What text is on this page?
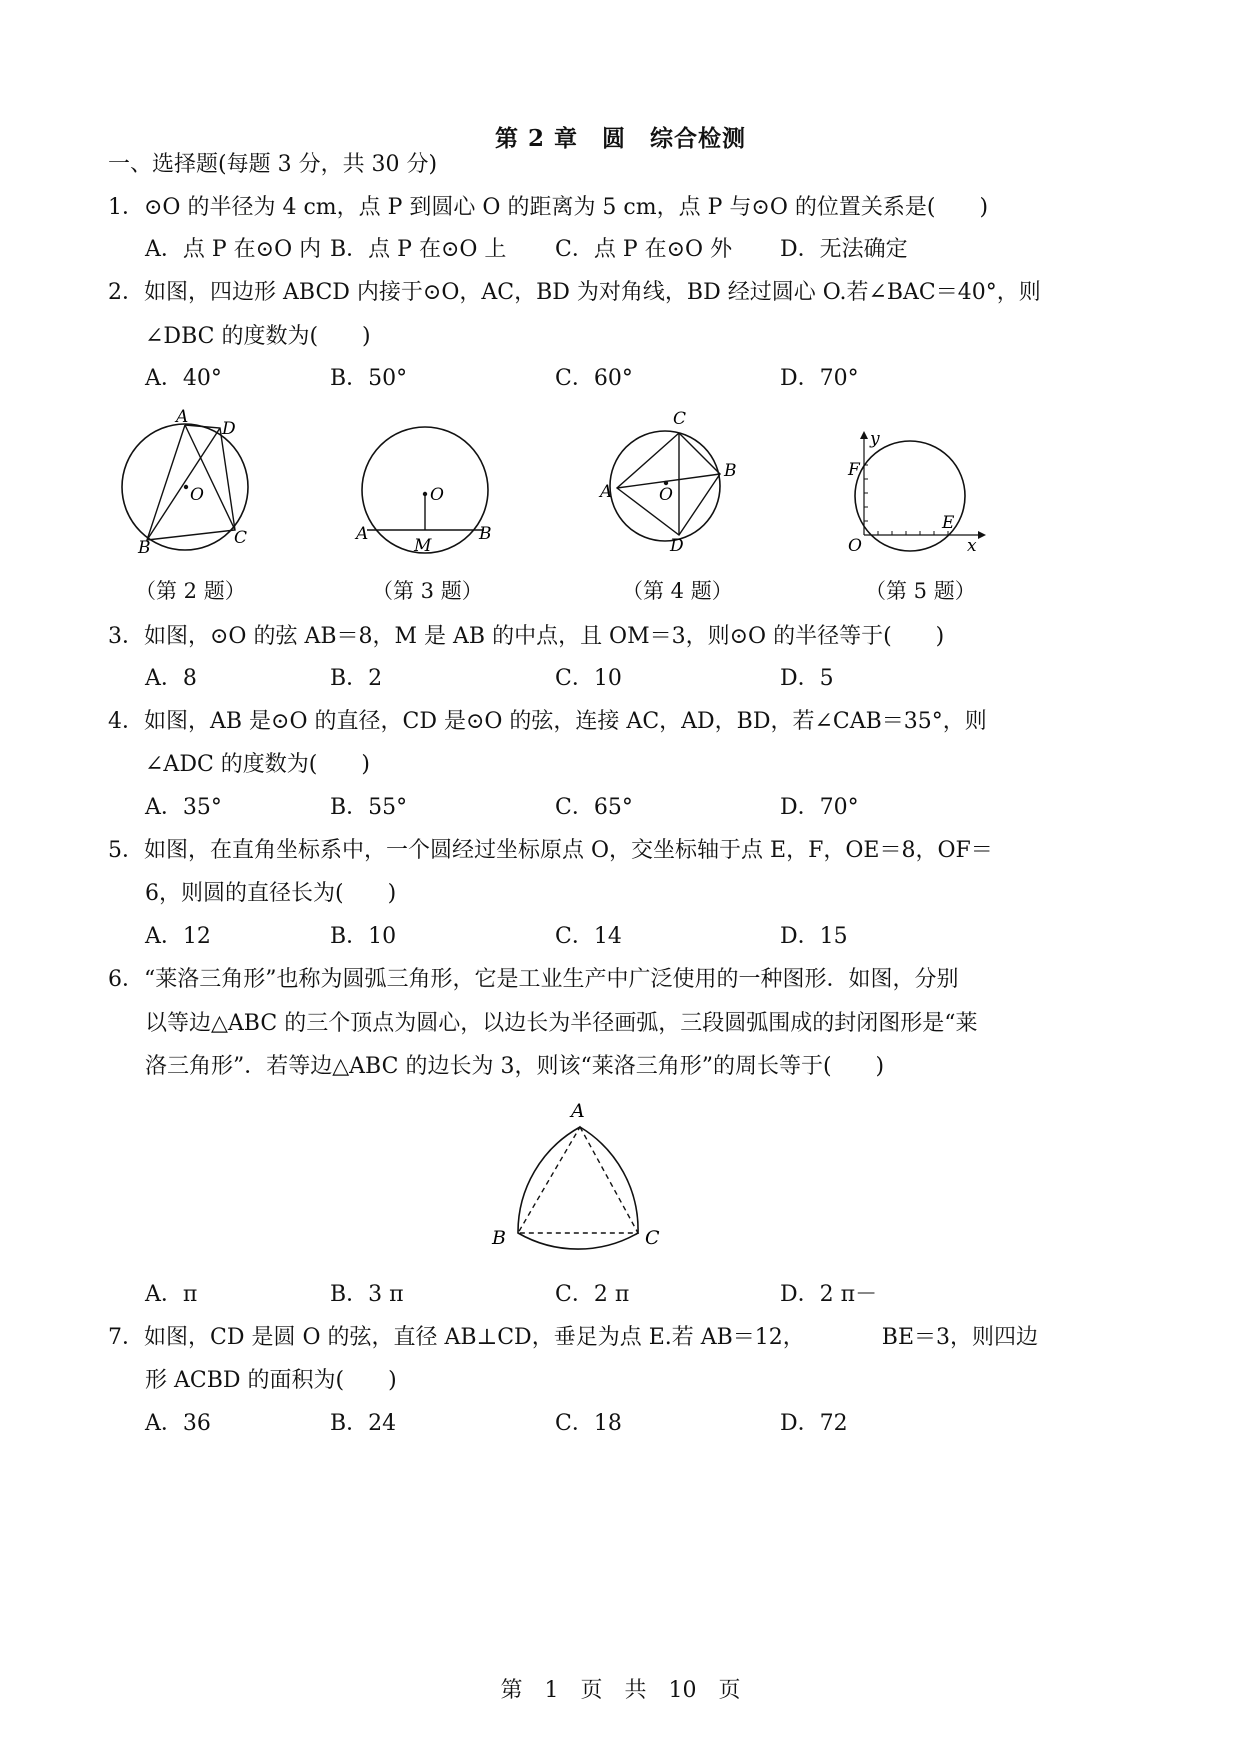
第 2 章　圆　综合检测
一、选择题(每题 3 分，共 30 分)
1．⊙O 的半径为 4 cm，点 P 到圆心 O 的距离为 5 cm，点 P 与⊙O 的位置关系是(　　)
A．点 P 在⊙O 内 B．点 P 在⊙O 上 C．点 P 在⊙O 外 D．无法确定
2．如图，四边形 ABCD 内接于⊙O，AC，BD 为对角线，BD 经过圆心 O.若∠BAC＝40°，则
∠DBC 的度数为(　　)
A．40°	B．50°	C．60°	D．70°
A
D
O
B	C
（第 2 题）
O
A
M
B
（第 3 题）
C
B
A	O
D
（第 4 题）
y
F
E
O	x
（第 5 题）
3．如图，⊙O 的弦 AB＝8，M 是 AB 的中点，且 OM＝3，则⊙O 的半径等于(　　)
A．8	B．2	C．10	D．5
4．如图，AB 是⊙O 的直径，CD 是⊙O 的弦，连接 AC，AD，BD，若∠CAB＝35°，则
∠ADC 的度数为(　　)
A．35°	B．55°	C．65°	D．70°
5．如图，在直角坐标系中，一个圆经过坐标原点 O，交坐标轴于点 E，F，OE＝8，OF＝
6，则圆的直径长为(　　)
A．12	B．10	C．14	D．15
6．“莱洛三角形”也称为圆弧三角形，它是工业生产中广泛使用的一种图形．如图，分别
以等边△ABC 的三个顶点为圆心，以边长为半径画弧，三段圆弧围成的封闭图形是“莱
洛三角形”．若等边△ABC 的边长为 3，则该“莱洛三角形”的周长等于(　　)
A
B	C
A．π	B．3 π	C．2 π	D．2 π－
7．如图，CD 是圆 O 的弦，直径 AB⊥CD，垂足为点 E.若 AB＝12，　　　　BE＝3，则四边
形 ACBD 的面积为(　　)
A．36	B．24	C．18	D．72
第　1　页　共　10　页
